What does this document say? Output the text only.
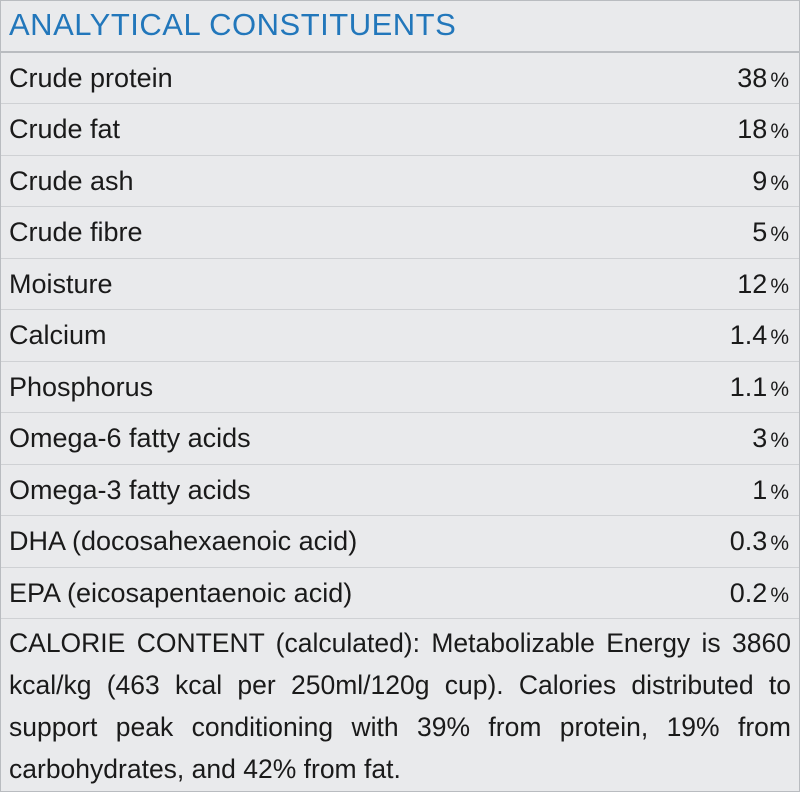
ANALYTICAL CONSTITUENTS
Crude protein	38 %
Crude fat	18 %
Crude ash	9 %
Crude fibre	5 %
Moisture	12 %
Calcium	1.4 %
Phosphorus	1.1 %
Omega-6 fatty acids	3 %
Omega-3 fatty acids	1 %
DHA (docosahexaenoic acid)	0.3 %
EPA (eicosapentaenoic acid)	0.2 %
CALORIE CONTENT (calculated): Metabolizable Energy is 3860 kcal/kg (463 kcal per 250ml/120g cup). Calories distributed to support peak conditioning with 39% from protein, 19% from carbohydrates, and 42% from fat.
